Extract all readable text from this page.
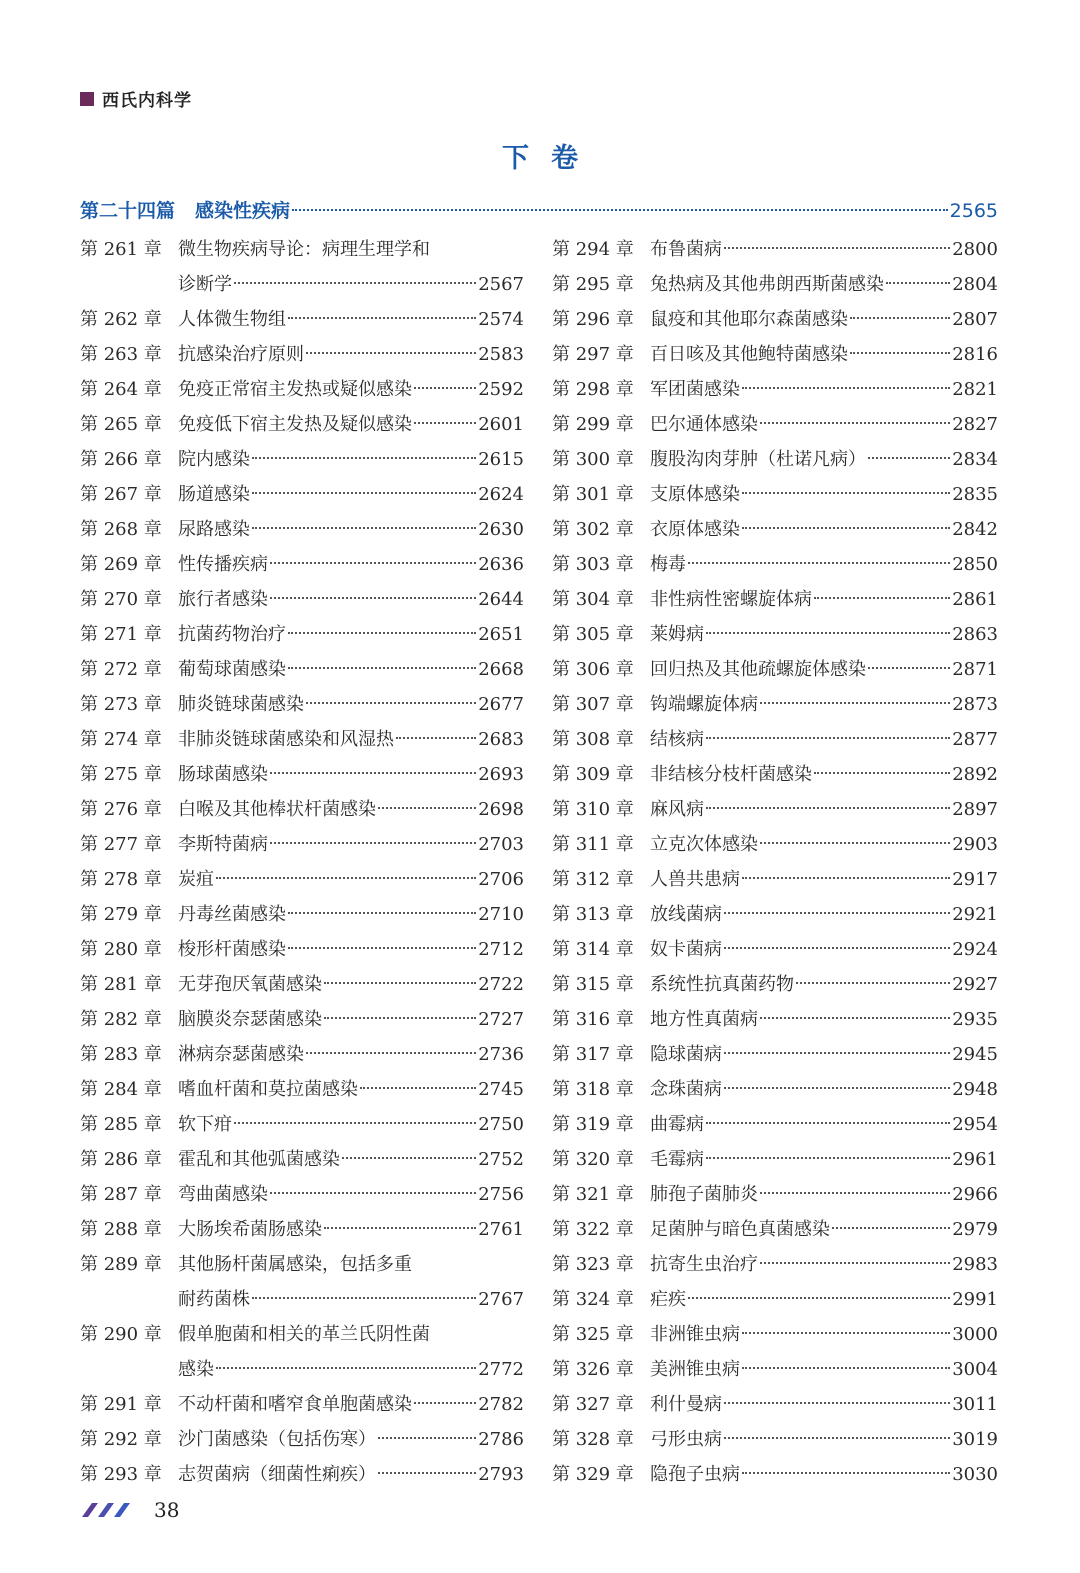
西氏内科学
下卷
第二十四篇 感染性疾病	2565
第 261 章 微生物疾病导论：病理生理学和
诊断学	2567
第 262 章 人体微生物组	2574
第 263 章 抗感染治疗原则	2583
第 264 章 免疫正常宿主发热或疑似感染	2592
第 265 章 免疫低下宿主发热及疑似感染	2601
第 266 章 院内感染	2615
第 267 章 肠道感染	2624
第 268 章 尿路感染	2630
第 269 章 性传播疾病	2636
第 270 章 旅行者感染	2644
第 271 章 抗菌药物治疗	2651
第 272 章 葡萄球菌感染	2668
第 273 章 肺炎链球菌感染	2677
第 274 章 非肺炎链球菌感染和风湿热	2683
第 275 章 肠球菌感染	2693
第 276 章 白喉及其他棒状杆菌感染	2698
第 277 章 李斯特菌病	2703
第 278 章 炭疽	2706
第 279 章 丹毒丝菌感染	2710
第 280 章 梭形杆菌感染	2712
第 281 章 无芽孢厌氧菌感染	2722
第 282 章 脑膜炎奈瑟菌感染	2727
第 283 章 淋病奈瑟菌感染	2736
第 284 章 嗜血杆菌和莫拉菌感染	2745
第 285 章 软下疳	2750
第 286 章 霍乱和其他弧菌感染	2752
第 287 章 弯曲菌感染	2756
第 288 章 大肠埃希菌肠感染	2761
第 289 章 其他肠杆菌属感染，包括多重
耐药菌株	2767
第 290 章 假单胞菌和相关的革兰氏阴性菌
感染	2772
第 291 章 不动杆菌和嗜窄食单胞菌感染	2782
第 292 章 沙门菌感染（包括伤寒）	2786
第 293 章 志贺菌病（细菌性痢疾）	2793
第 294 章 布鲁菌病	2800
第 295 章 兔热病及其他弗朗西斯菌感染	2804
第 296 章 鼠疫和其他耶尔森菌感染	2807
第 297 章 百日咳及其他鲍特菌感染	2816
第 298 章 军团菌感染	2821
第 299 章 巴尔通体感染	2827
第 300 章 腹股沟肉芽肿（杜诺凡病）	2834
第 301 章 支原体感染	2835
第 302 章 衣原体感染	2842
第 303 章 梅毒	2850
第 304 章 非性病性密螺旋体病	2861
第 305 章 莱姆病	2863
第 306 章 回归热及其他疏螺旋体感染	2871
第 307 章 钩端螺旋体病	2873
第 308 章 结核病	2877
第 309 章 非结核分枝杆菌感染	2892
第 310 章 麻风病	2897
第 311 章 立克次体感染	2903
第 312 章 人兽共患病	2917
第 313 章 放线菌病	2921
第 314 章 奴卡菌病	2924
第 315 章 系统性抗真菌药物	2927
第 316 章 地方性真菌病	2935
第 317 章 隐球菌病	2945
第 318 章 念珠菌病	2948
第 319 章 曲霉病	2954
第 320 章 毛霉病	2961
第 321 章 肺孢子菌肺炎	2966
第 322 章 足菌肿与暗色真菌感染	2979
第 323 章 抗寄生虫治疗	2983
第 324 章 疟疾	2991
第 325 章 非洲锥虫病	3000
第 326 章 美洲锥虫病	3004
第 327 章 利什曼病	3011
第 328 章 弓形虫病	3019
第 329 章 隐孢子虫病	3030
38
